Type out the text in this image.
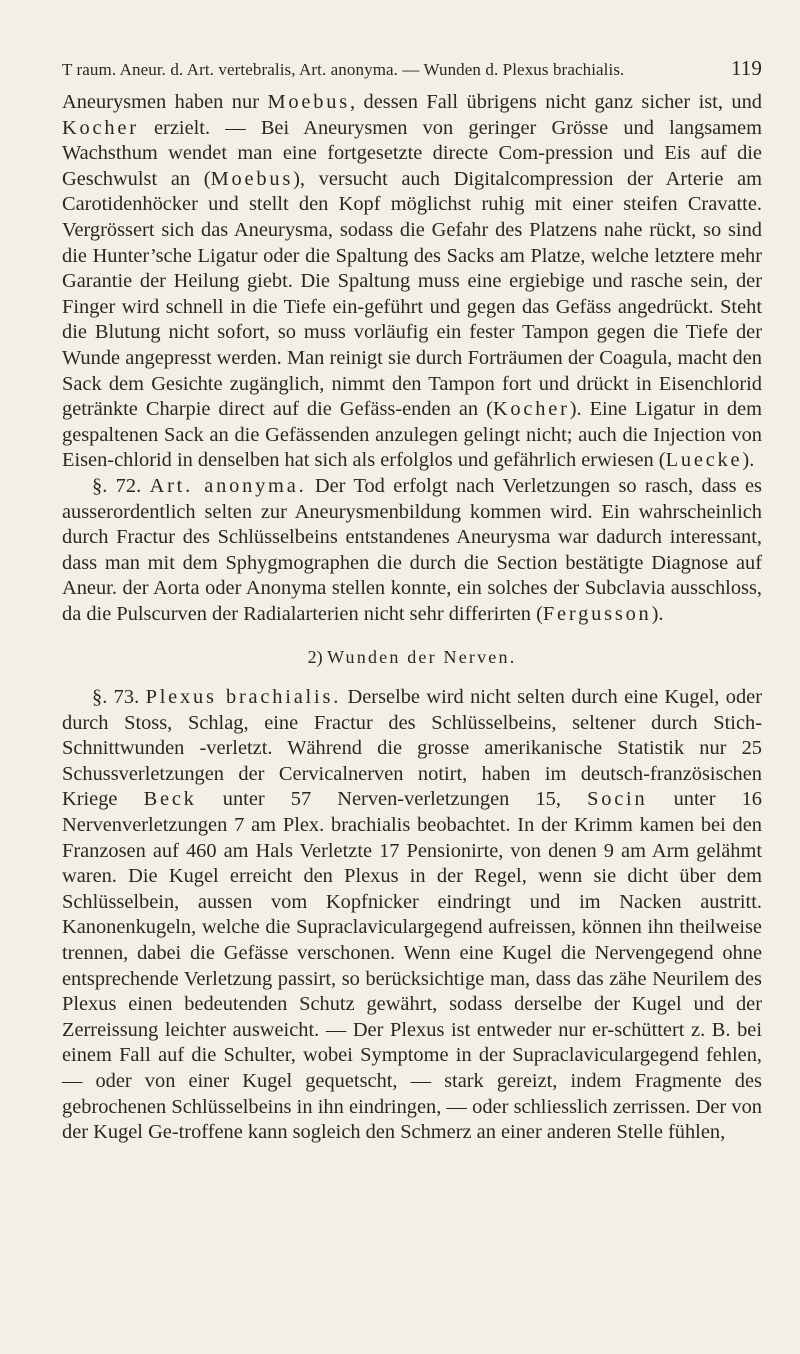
T raum. Aneur. d. Art. vertebralis, Art. anonyma. — Wunden d. Plexus brachialis.	119

Aneurysmen haben nur Moebus, dessen Fall übrigens nicht ganz sicher ist, und Kocher erzielt. — Bei Aneurysmen von geringer Grösse und langsamem Wachsthum wendet man eine fortgesetzte directe Com-pression und Eis auf die Geschwulst an (Moebus), versucht auch Digitalcompression der Arterie am Carotidenhöcker und stellt den Kopf möglichst ruhig mit einer steifen Cravatte. Vergrössert sich das Aneurysma, sodass die Gefahr des Platzens nahe rückt, so sind die Hunter’sche Ligatur oder die Spaltung des Sacks am Platze, welche letztere mehr Garantie der Heilung giebt. Die Spaltung muss eine ergiebige und rasche sein, der Finger wird schnell in die Tiefe ein-geführt und gegen das Gefäss angedrückt. Steht die Blutung nicht sofort, so muss vorläufig ein fester Tampon gegen die Tiefe der Wunde angepresst werden. Man reinigt sie durch Forträumen der Coagula, macht den Sack dem Gesichte zugänglich, nimmt den Tampon fort und drückt in Eisenchlorid getränkte Charpie direct auf die Gefäss-enden an (Kocher). Eine Ligatur in dem gespaltenen Sack an die Gefässenden anzulegen gelingt nicht; auch die Injection von Eisen-chlorid in denselben hat sich als erfolglos und gefährlich erwiesen (Luecke).

§. 72. Art. anonyma. Der Tod erfolgt nach Verletzungen so rasch, dass es ausserordentlich selten zur Aneurysmenbildung kommen wird. Ein wahrscheinlich durch Fractur des Schlüsselbeins entstandenes Aneurysma war dadurch interessant, dass man mit dem Sphygmographen die durch die Section bestätigte Diagnose auf Aneur. der Aorta oder Anonyma stellen konnte, ein solches der Subclavia ausschloss, da die Pulscurven der Radialarterien nicht sehr differirten (Fergusson).

2) Wunden der Nerven.

§. 73. Plexus brachialis. Derselbe wird nicht selten durch eine Kugel, oder durch Stoss, Schlag, eine Fractur des Schlüsselbeins, seltener durch Stich-Schnittwunden -verletzt. Während die grosse amerikanische Statistik nur 25 Schussverletzungen der Cervicalnerven notirt, haben im deutsch-französischen Kriege Beck unter 57 Nerven-verletzungen 15, Socin unter 16 Nervenverletzungen 7 am Plex. brachialis beobachtet. In der Krimm kamen bei den Franzosen auf 460 am Hals Verletzte 17 Pensionirte, von denen 9 am Arm gelähmt waren. Die Kugel erreicht den Plexus in der Regel, wenn sie dicht über dem Schlüsselbein, aussen vom Kopfnicker eindringt und im Nacken austritt. Kanonenkugeln, welche die Supraclaviculargegend aufreissen, können ihn theilweise trennen, dabei die Gefässe verschonen. Wenn eine Kugel die Nervengegend ohne entsprechende Verletzung passirt, so berücksichtige man, dass das zähe Neurilem des Plexus einen bedeutenden Schutz gewährt, sodass derselbe der Kugel und der Zerreissung leichter ausweicht. — Der Plexus ist entweder nur er-schüttert z. B. bei einem Fall auf die Schulter, wobei Symptome in der Supraclaviculargegend fehlen, — oder von einer Kugel gequetscht, — stark gereizt, indem Fragmente des gebrochenen Schlüsselbeins in ihn eindringen, — oder schliesslich zerrissen. Der von der Kugel Ge-troffene kann sogleich den Schmerz an einer anderen Stelle fühlen,
